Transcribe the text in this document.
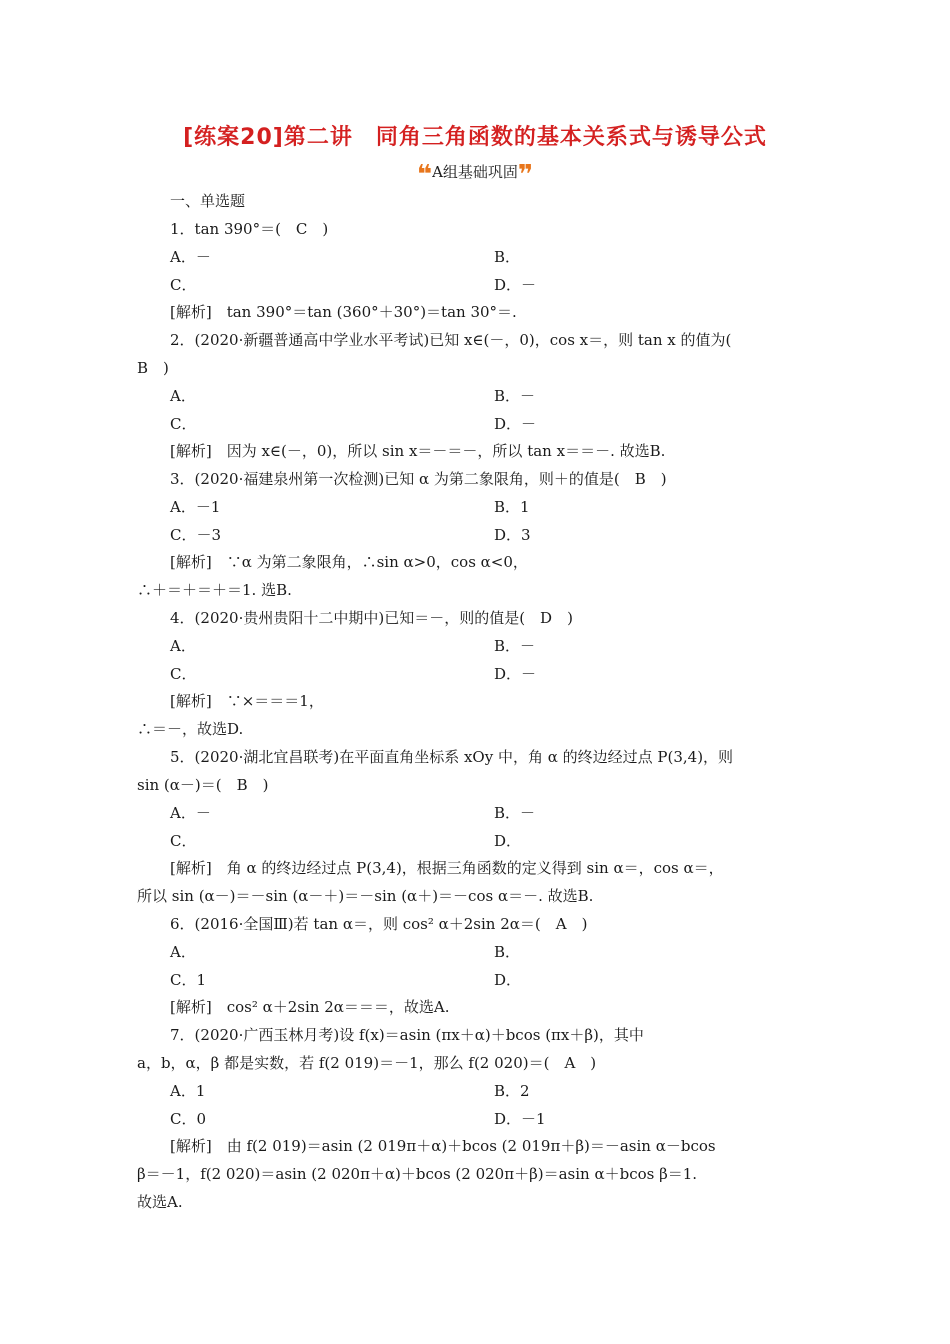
[练案20]第二讲　同角三角函数的基本关系式与诱导公式
❝A组基础巩固❞
一、单选题
1．tan 390°＝(　C　)
A．－	B．
C．	D．－
[解析]　tan 390°＝tan (360°＋30°)＝tan 30°＝.
2．(2020·新疆普通高中学业水平考试)已知 x∈(－，0)，cos x＝，则 tan x 的值为(
B　)
A．	B．－
C．	D．－
[解析]　因为 x∈(－，0)，所以 sin x＝－＝－，所以 tan x＝＝－. 故选B.
3．(2020·福建泉州第一次检测)已知 α 为第二象限角，则＋的值是(　B　)
A．－1	B．1
C．－3	D．3
[解析]　∵α 为第二象限角，∴sin α>0，cos α<0，
∴＋＝＋＝＋＝1. 选B.
4．(2020·贵州贵阳十二中期中)已知＝－，则的值是(　D　)
A．	B．－
C．	D．－
[解析]　∵×＝＝＝1，
∴＝－，故选D.
5．(2020·湖北宜昌联考)在平面直角坐标系 xOy 中，角 α 的终边经过点 P(3,4)，则
sin (α－)＝(　B　)
A．－	B．－
C．	D．
[解析]　角 α 的终边经过点 P(3,4)，根据三角函数的定义得到 sin α＝，cos α＝，
所以 sin (α－)＝－sin (α－＋)＝－sin (α＋)＝－cos α＝－. 故选B.
6．(2016·全国Ⅲ)若 tan α＝，则 cos² α＋2sin 2α＝(　A　)
A．	B．
C．1	D．
[解析]　cos² α＋2sin 2α＝＝＝，故选A.
7．(2020·广西玉林月考)设 f(x)＝asin (πx＋α)＋bcos (πx＋β)，其中
a，b，α，β 都是实数，若 f(2 019)＝－1，那么 f(2 020)＝(　A　)
A．1	B．2
C．0	D．－1
[解析]　由 f(2 019)＝asin (2 019π＋α)＋bcos (2 019π＋β)＝－asin α－bcos
β＝－1，f(2 020)＝asin (2 020π＋α)＋bcos (2 020π＋β)＝asin α＋bcos β＝1.
故选A.
